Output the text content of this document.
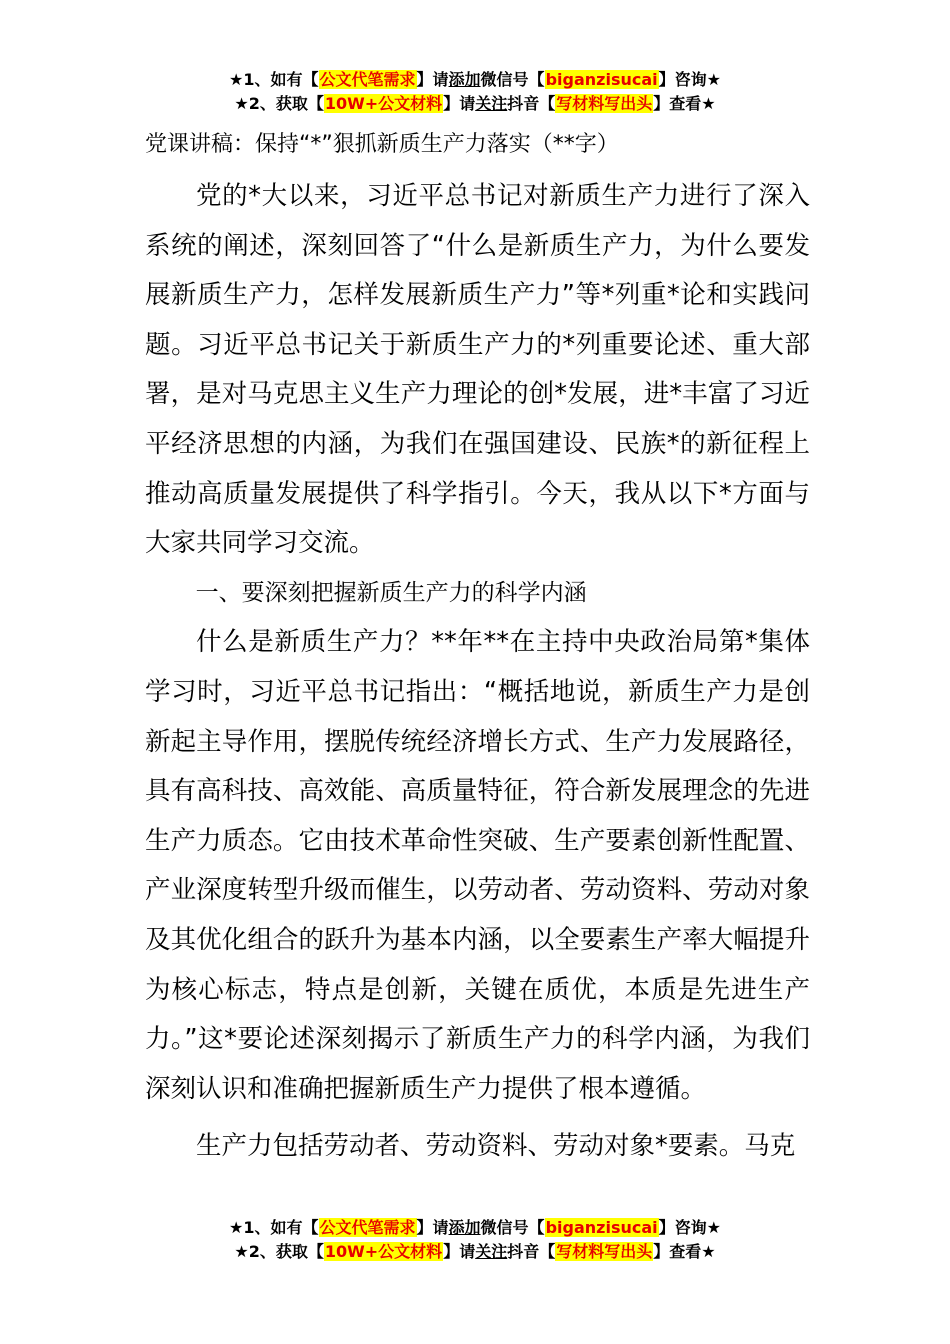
★1、如有【公文代笔需求】请添加微信号【biganzisucai】咨询★
★2、获取【10W+公文材料】请关注抖音【写材料写出头】查看★
党课讲稿：保持“*”狠抓新质生产力落实（**字）

党的*大以来，习近平总书记对新质生产力进行了深入系统的阐述，深刻回答了“什么是新质生产力，为什么要发展新质生产力，怎样发展新质生产力”等*列重*论和实践问题。习近平总书记关于新质生产力的*列重要论述、重大部署，是对马克思主义生产力理论的创*发展，进*丰富了习近平经济思想的内涵，为我们在强国建设、民族*的新征程上推动高质量发展提供了科学指引。今天，我从以下*方面与大家共同学习交流。

一、要深刻把握新质生产力的科学内涵

什么是新质生产力？**年**在主持中央政治局第*集体学习时，习近平总书记指出：“概括地说，新质生产力是创新起主导作用，摆脱传统经济增长方式、生产力发展路径，具有高科技、高效能、高质量特征，符合新发展理念的先进生产力质态。它由技术革命性突破、生产要素创新性配置、产业深度转型升级而催生，以劳动者、劳动资料、劳动对象及其优化组合的跃升为基本内涵，以全要素生产率大幅提升为核心标志，特点是创新，关键在质优，本质是先进生产力。”这*要论述深刻揭示了新质生产力的科学内涵，为我们深刻认识和准确把握新质生产力提供了根本遵循。

生产力包括劳动者、劳动资料、劳动对象*要素。马克

★1、如有【公文代笔需求】请添加微信号【biganzisucai】咨询★
★2、获取【10W+公文材料】请关注抖音【写材料写出头】查看★
